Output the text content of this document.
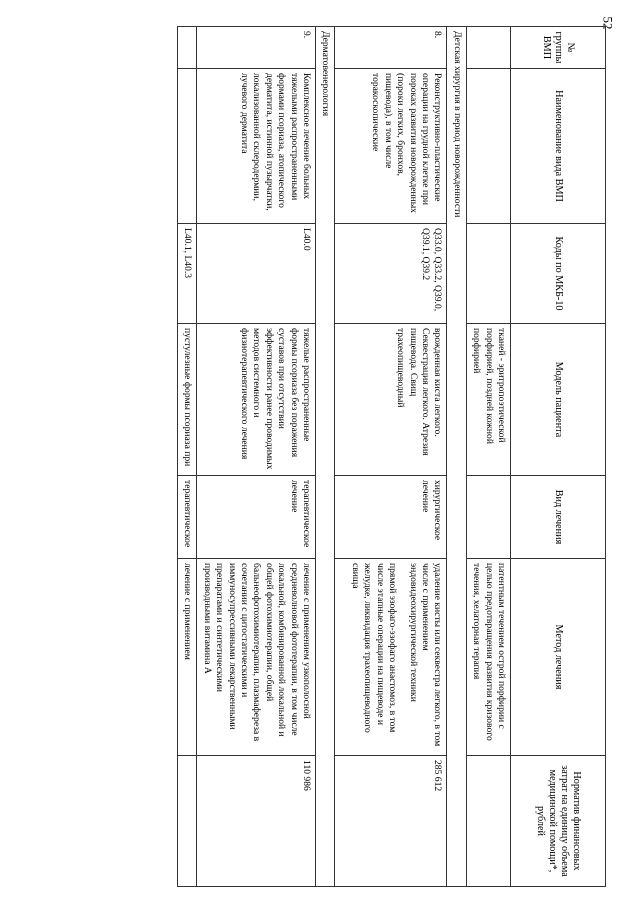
52
№ группы ВМП	Наименование вида ВМП	Коды по МКБ-10	Модель пациента	Вид лечения	Метод лечения	Норматив финансовых затрат на единицу объема медицинской помощи*, рублей
			тканей - эритропоэтической порфирией, поздней кожной порфирией		патентным течением острой порфирии с целью предотвращения развития кризового течения, хелаторная терапия	
Детская хирургия в период новорожденности						
8.	Реконструктивно-пластические операции на грудной клетке при пороках развития новорожденных (пороки легких, бронхов, пищевода), в том числе торакоскопические	Q33.0, Q33.2, Q39.0, Q39.1, Q39.2	врожденная киста легкого. Секвестрация легкого. Атрезия пищевода. Свищ трахеопищеводный	хирургическое лечение	удаление кисты или секвестра легкого, в том числе с применением эндовидеохирургической техники
прямой эзофаго-эзофаго анастомоз, в том числе этапные операции на пищеводе и желудке, ликвидация трахеопищеводного свища	285 612
Дерматовенерология						
9.	Комплексное лечение больных тяжелыми распространенными формами псориаза, атопического дерматита, истинной пузырчатки, локализованной склеродермии, лучевого дерматита	L40.0	тяжелые распространенные формы псориаза без поражения суставов при отсутствии эффективности ранее проводимых методов системного и физиотерапевтического лечения	терапевтическое лечение	лечение с применением узкополосной средневолновой фототерапии, в том числе локальной, комбинированной локальной и общей фотохимиотерапии, общей бальнеофотохимиотерапии, плазмафереза в сочетании с цитостатическими и иммуносупрессивными лекарственными препаратами и синтетическими производными витамина А	110 986
		L40.1, L40.3	пустулезные формы псориаза при	терапевтическое	лечение с применением	
